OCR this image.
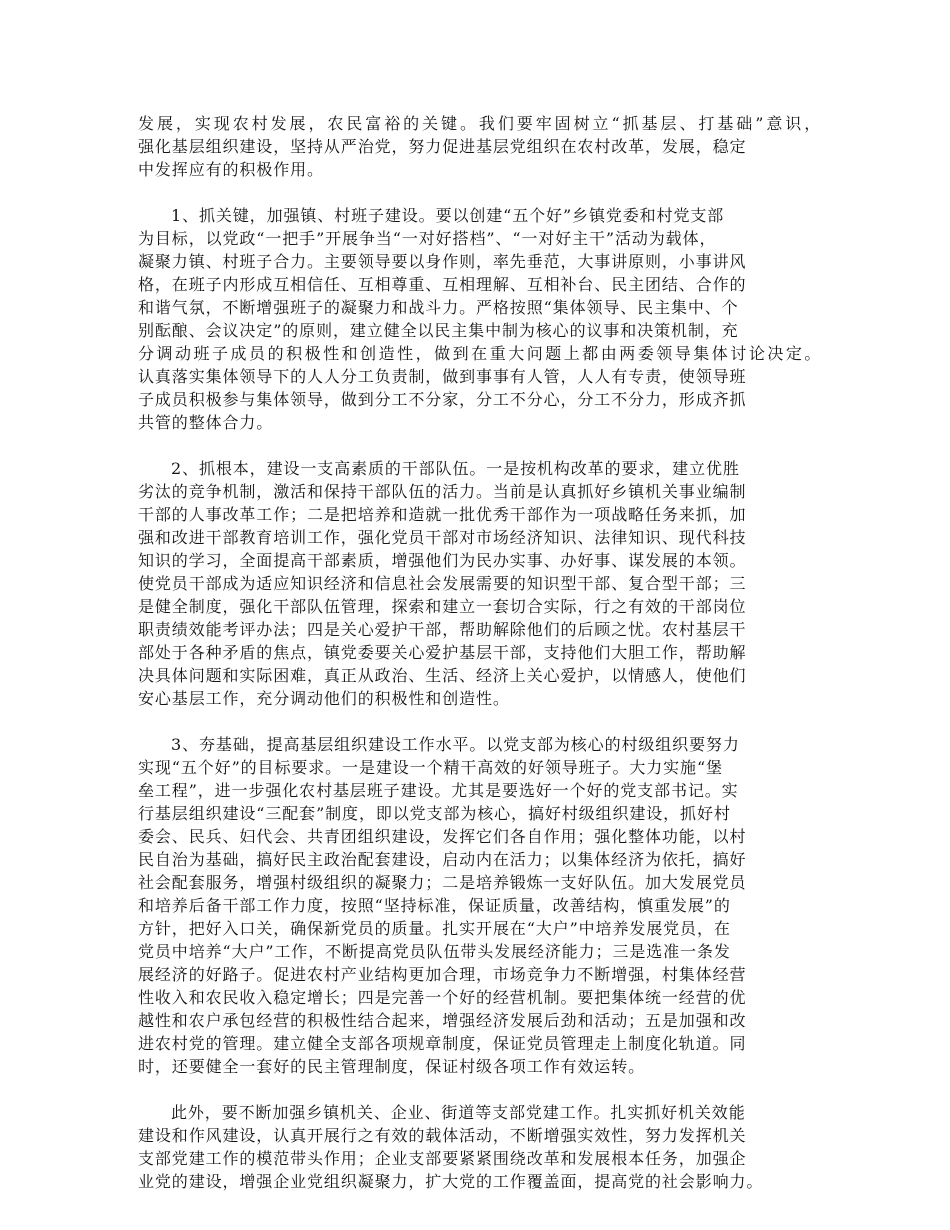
发展，实现农村发展，农民富裕的关键。我们要牢固树立“抓基层、打基础”意识，
强化基层组织建设，坚持从严治党，努力促进基层党组织在农村改革，发展，稳定
中发挥应有的积极作用。
1、抓关键，加强镇、村班子建设。要以创建“五个好”乡镇党委和村党支部
为目标，以党政“一把手”开展争当“一对好搭档”、“一对好主干”活动为载体，
凝聚力镇、村班子合力。主要领导要以身作则，率先垂范，大事讲原则，小事讲风
格，在班子内形成互相信任、互相尊重、互相理解、互相补台、民主团结、合作的
和谐气氛，不断增强班子的凝聚力和战斗力。严格按照“集体领导、民主集中、个
别酝酿、会议决定”的原则，建立健全以民主集中制为核心的议事和决策机制，充
分调动班子成员的积极性和创造性，做到在重大问题上都由两委领导集体讨论决定。
认真落实集体领导下的人人分工负责制，做到事事有人管，人人有专责，使领导班
子成员积极参与集体领导，做到分工不分家，分工不分心，分工不分力，形成齐抓
共管的整体合力。
2、抓根本，建设一支高素质的干部队伍。一是按机构改革的要求，建立优胜
劣汰的竞争机制，激活和保持干部队伍的活力。当前是认真抓好乡镇机关事业编制
干部的人事改革工作；二是把培养和造就一批优秀干部作为一项战略任务来抓，加
强和改进干部教育培训工作，强化党员干部对市场经济知识、法律知识、现代科技
知识的学习，全面提高干部素质，增强他们为民办实事、办好事、谋发展的本领。
使党员干部成为适应知识经济和信息社会发展需要的知识型干部、复合型干部；三
是健全制度，强化干部队伍管理，探索和建立一套切合实际，行之有效的干部岗位
职责绩效能考评办法；四是关心爱护干部，帮助解除他们的后顾之忧。农村基层干
部处于各种矛盾的焦点，镇党委要关心爱护基层干部，支持他们大胆工作，帮助解
决具体问题和实际困难，真正从政治、生活、经济上关心爱护，以情感人，使他们
安心基层工作，充分调动他们的积极性和创造性。
3、夯基础，提高基层组织建设工作水平。以党支部为核心的村级组织要努力
实现“五个好”的目标要求。一是建设一个精干高效的好领导班子。大力实施“堡
垒工程”，进一步强化农村基层班子建设。尤其是要选好一个好的党支部书记。实
行基层组织建设“三配套”制度，即以党支部为核心，搞好村级组织建设，抓好村
委会、民兵、妇代会、共青团组织建设，发挥它们各自作用；强化整体功能，以村
民自治为基础，搞好民主政治配套建设，启动内在活力；以集体经济为依托，搞好
社会配套服务，增强村级组织的凝聚力；二是培养锻炼一支好队伍。加大发展党员
和培养后备干部工作力度，按照“坚持标准，保证质量，改善结构，慎重发展”的
方针，把好入口关，确保新党员的质量。扎实开展在“大户”中培养发展党员，在
党员中培养“大户”工作，不断提高党员队伍带头发展经济能力；三是选准一条发
展经济的好路子。促进农村产业结构更加合理，市场竞争力不断增强，村集体经营
性收入和农民收入稳定增长；四是完善一个好的经营机制。要把集体统一经营的优
越性和农户承包经营的积极性结合起来，增强经济发展后劲和活动；五是加强和改
进农村党的管理。建立健全支部各项规章制度，保证党员管理走上制度化轨道。同
时，还要健全一套好的民主管理制度，保证村级各项工作有效运转。
此外，要不断加强乡镇机关、企业、街道等支部党建工作。扎实抓好机关效能
建设和作风建设，认真开展行之有效的载体活动，不断增强实效性，努力发挥机关
支部党建工作的模范带头作用；企业支部要紧紧围绕改革和发展根本任务，加强企
业党的建设，增强企业党组织凝聚力，扩大党的工作覆盖面，提高党的社会影响力。
